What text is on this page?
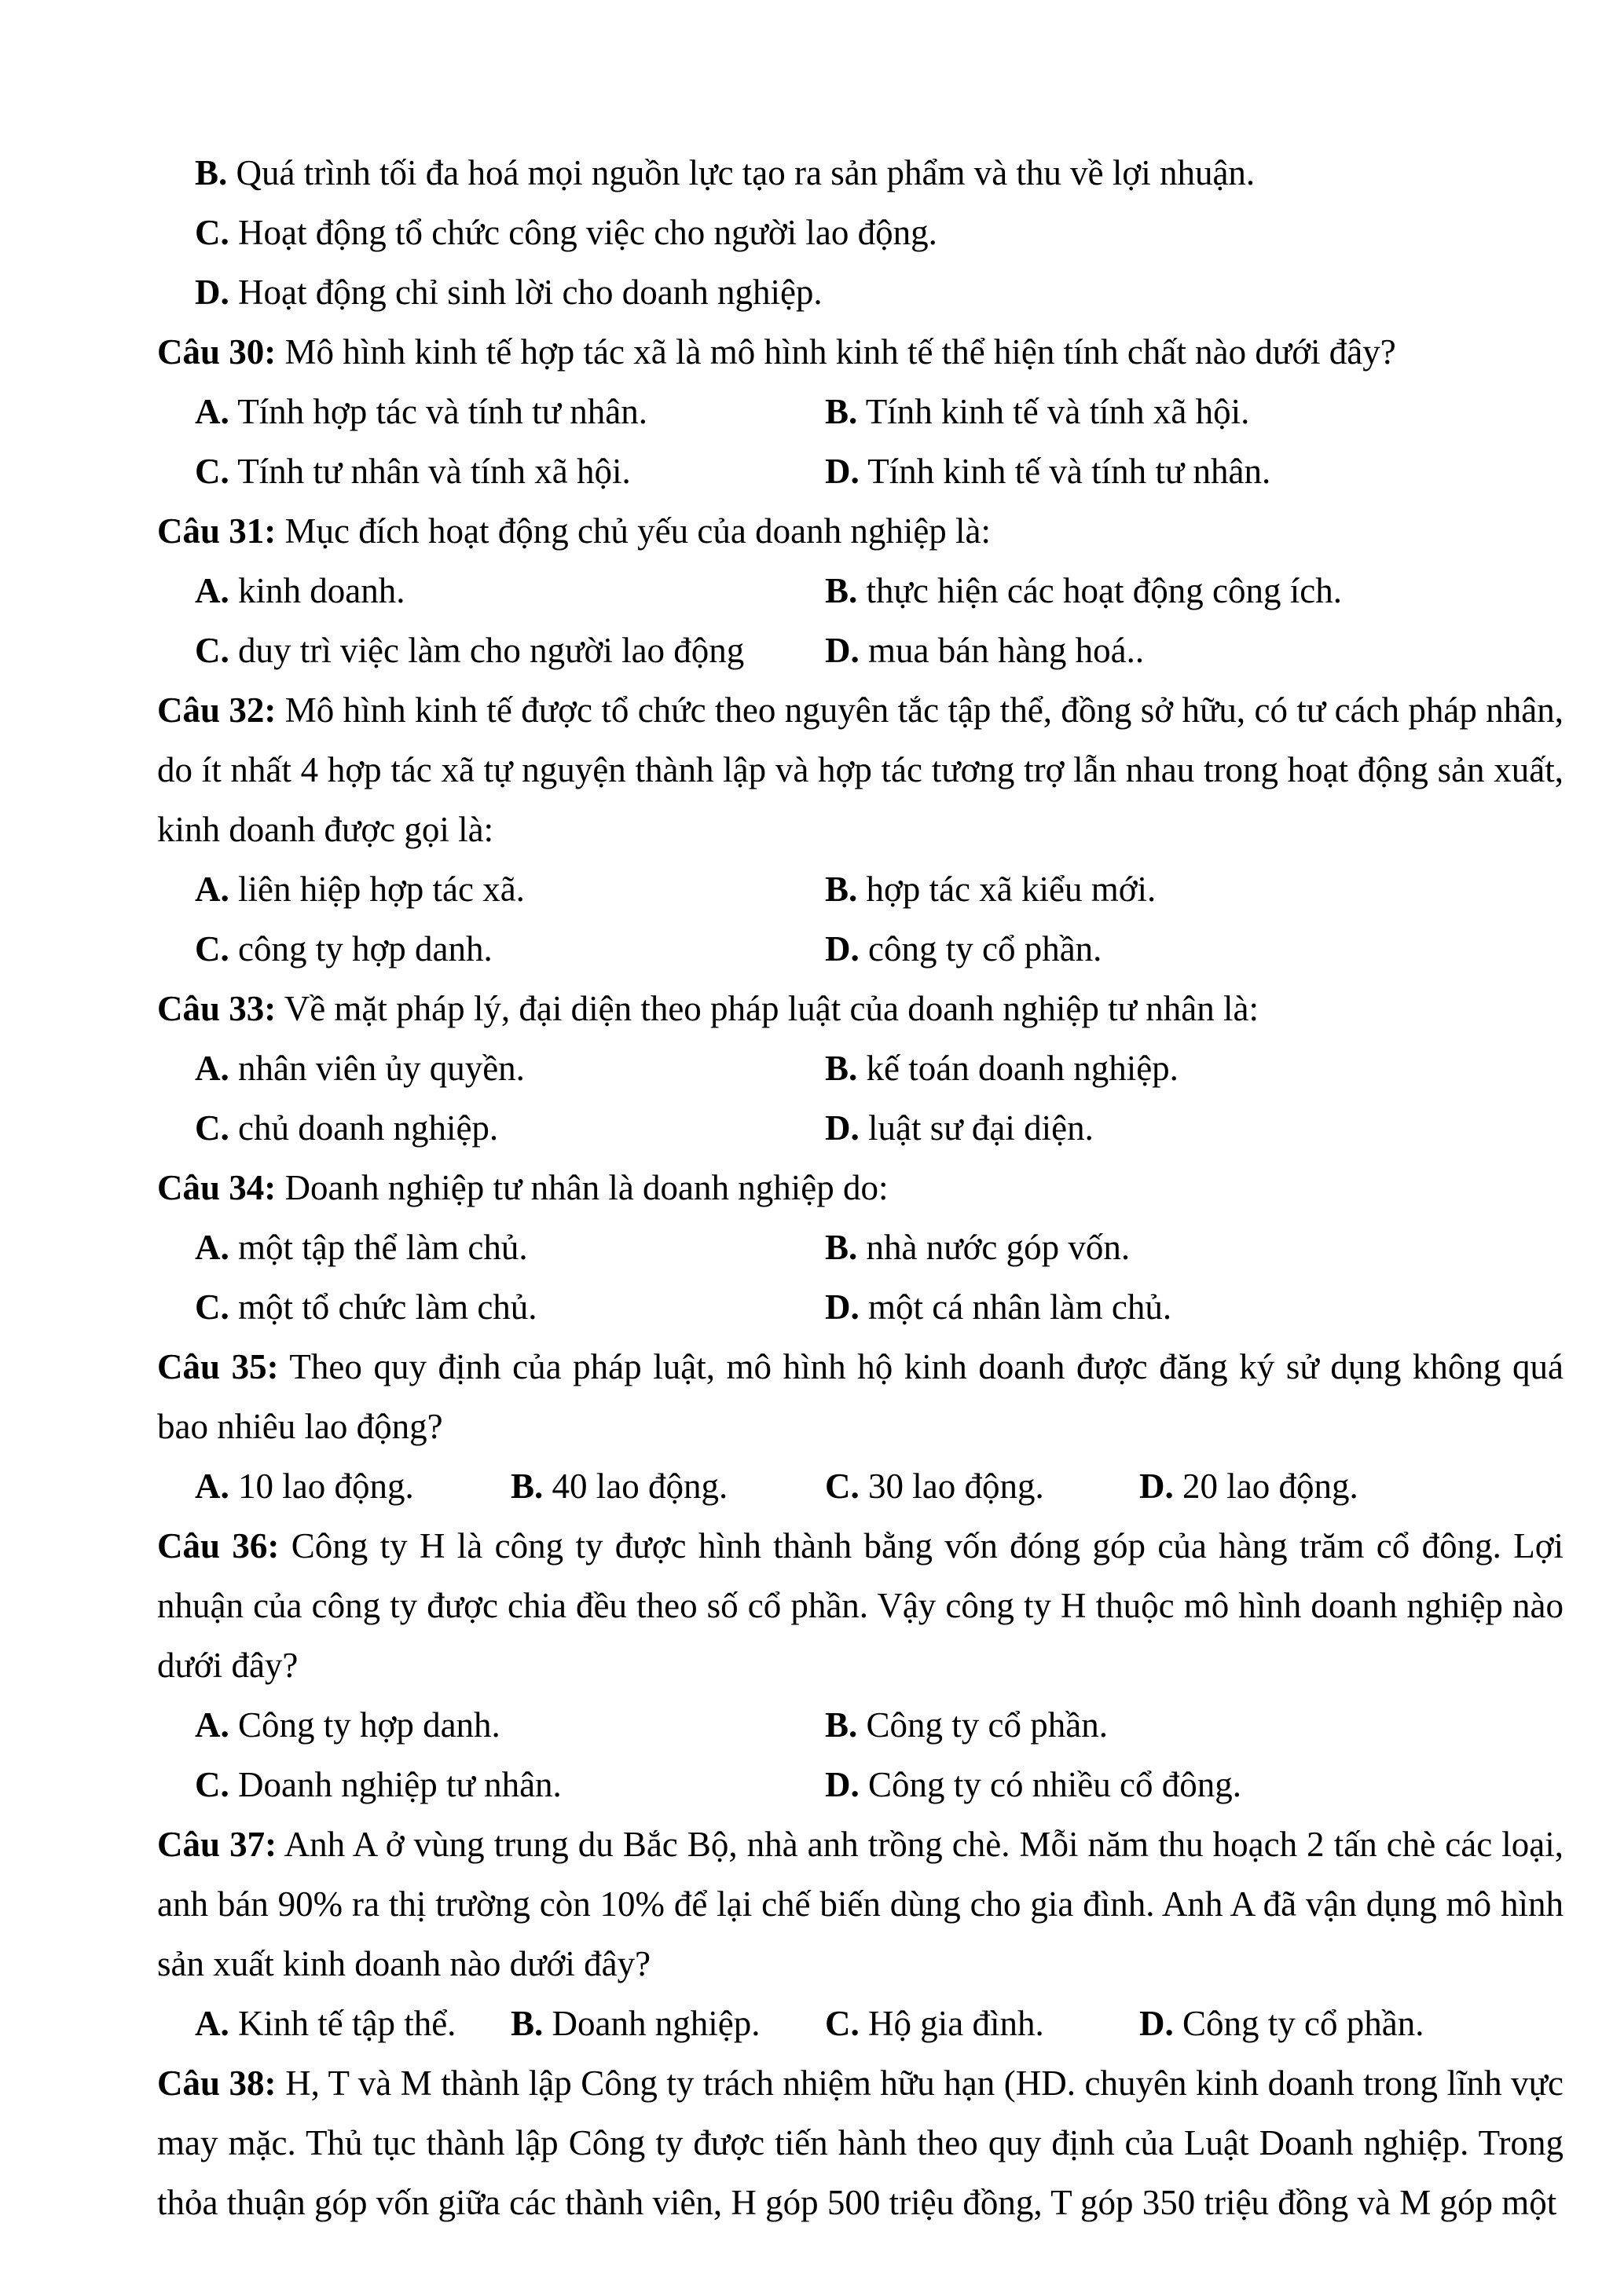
B. Quá trình tối đa hoá mọi nguồn lực tạo ra sản phẩm và thu về lợi nhuận.
C. Hoạt động tổ chức công việc cho người lao động.
D. Hoạt động chỉ sinh lời cho doanh nghiệp.

Câu 30: Mô hình kinh tế hợp tác xã là mô hình kinh tế thể hiện tính chất nào dưới đây?

A. Tính hợp tác và tính tư nhân.	B. Tính kinh tế và tính xã hội.
C. Tính tư nhân và tính xã hội.	D. Tính kinh tế và tính tư nhân.

Câu 31: Mục đích hoạt động chủ yếu của doanh nghiệp là:

A. kinh doanh.	B. thực hiện các hoạt động công ích.
C. duy trì việc làm cho người lao động D. mua bán hàng hoá..

Câu 32: Mô hình kinh tế được tổ chức theo nguyên tắc tập thể, đồng sở hữu, có tư cách pháp nhân, do ít nhất 4 hợp tác xã tự nguyện thành lập và hợp tác tương trợ lẫn nhau trong hoạt động sản xuất, kinh doanh được gọi là:

A. liên hiệp hợp tác xã.	B. hợp tác xã kiểu mới.
C. công ty hợp danh.	D. công ty cổ phần.

Câu 33: Về mặt pháp lý, đại diện theo pháp luật của doanh nghiệp tư nhân là:

A. nhân viên ủy quyền.	B. kế toán doanh nghiệp.
C. chủ doanh nghiệp.	D. luật sư đại diện.

Câu 34: Doanh nghiệp tư nhân là doanh nghiệp do:

A. một tập thể làm chủ.	B. nhà nước góp vốn.
C. một tổ chức làm chủ.	D. một cá nhân làm chủ.

Câu 35: Theo quy định của pháp luật, mô hình hộ kinh doanh được đăng ký sử dụng không quá bao nhiêu lao động?

A. 10 lao động.	B. 40 lao động.	C. 30 lao động.	D. 20 lao động.

Câu 36: Công ty H là công ty được hình thành bằng vốn đóng góp của hàng trăm cổ đông. Lợi nhuận của công ty được chia đều theo số cổ phần. Vậy công ty H thuộc mô hình doanh nghiệp nào dưới đây?

A. Công ty hợp danh.	B. Công ty cổ phần.
C. Doanh nghiệp tư nhân.	D. Công ty có nhiều cổ đông.

Câu 37: Anh A ở vùng trung du Bắc Bộ, nhà anh trồng chè. Mỗi năm thu hoạch 2 tấn chè các loại, anh bán 90% ra thị trường còn 10% để lại chế biến dùng cho gia đình. Anh A đã vận dụng mô hình sản xuất kinh doanh nào dưới đây?

A. Kinh tế tập thể. B. Doanh nghiệp. C. Hộ gia đình.	D. Công ty cổ phần.

Câu 38: H, T và M thành lập Công ty trách nhiệm hữu hạn (HD. chuyên kinh doanh trong lĩnh vực may mặc. Thủ tục thành lập Công ty được tiến hành theo quy định của Luật Doanh nghiệp. Trong thỏa thuận góp vốn giữa các thành viên, H góp 500 triệu đồng, T góp 350 triệu đồng và M góp một
